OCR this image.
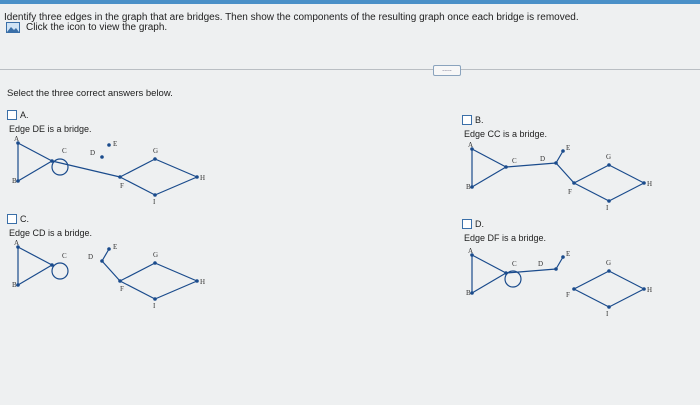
Identify three edges in the graph that are bridges. Then show the components of the resulting graph once each bridge is removed.
Click the icon to view the graph.
.....
Select the three correct answers below.
A.
Edge DE is a bridge.
A
B
C	D
E
F
G
H
I
B.
Edge CC is a bridge.
A
B
C	D
E
F
G
H
I
C.
Edge CD is a bridge.
A
B
C	D
E
F
G
H
I
D.
Edge DF is a bridge.
A
B
C	D
E
F
G
H
I
